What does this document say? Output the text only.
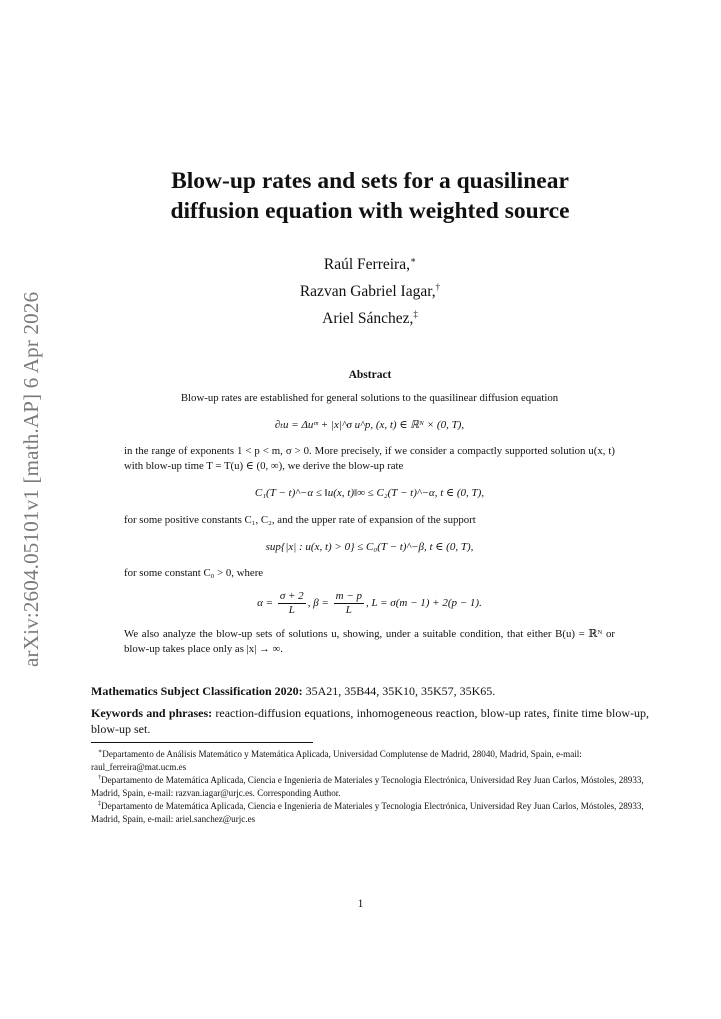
arXiv:2604.05101v1 [math.AP] 6 Apr 2026
Blow-up rates and sets for a quasilinear
diffusion equation with weighted source
Raúl Ferreira,∗
Razvan Gabriel Iagar,†
Ariel Sánchez,‡
Abstract
Blow-up rates are established for general solutions to the quasilinear diffusion equation
∂ₜu = Δuᵐ + |x|^σ u^p, (x, t) ∈ ℝᴺ × (0, T),
in the range of exponents 1 < p < m, σ > 0. More precisely, if we consider a compactly supported solution u(x, t) with blow-up time T = T(u) ∈ (0, ∞), we derive the blow-up rate
C₁(T − t)^−α ≤ ‖u(x, t)‖∞ ≤ C₂(T − t)^−α, t ∈ (0, T),
for some positive constants C₁, C₂, and the upper rate of expansion of the support
sup{|x| : u(x, t) > 0} ≤ C₀(T − t)^−β, t ∈ (0, T),
for some constant C₀ > 0, where
$\alpha = \frac{\sigma + 2}{L}$ , $\beta = \frac{m - p}{L}$ , L = σ(m − 1) + 2(p − 1).
We also analyze the blow-up sets of solutions u, showing, under a suitable condition, that either B(u) = ℝᴺ or blow-up takes place only as |x| → ∞.
Mathematics Subject Classification 2020: 35A21, 35B44, 35K10, 35K57, 35K65.
Keywords and phrases: reaction-diffusion equations, inhomogeneous reaction, blow-up rates, finite time blow-up, blow-up set.
∗Departamento de Análisis Matemático y Matemática Aplicada, Universidad Complutense de Madrid, 28040, Madrid, Spain, e-mail: raul_ferreira@mat.ucm.es
†Departamento de Matemática Aplicada, Ciencia e Ingenieria de Materiales y Tecnologia Electrónica, Universidad Rey Juan Carlos, Móstoles, 28933, Madrid, Spain, e-mail: razvan.iagar@urjc.es. Corresponding Author.
‡Departamento de Matemática Aplicada, Ciencia e Ingenieria de Materiales y Tecnologia Electrónica, Universidad Rey Juan Carlos, Móstoles, 28933, Madrid, Spain, e-mail: ariel.sanchez@urjc.es
1
